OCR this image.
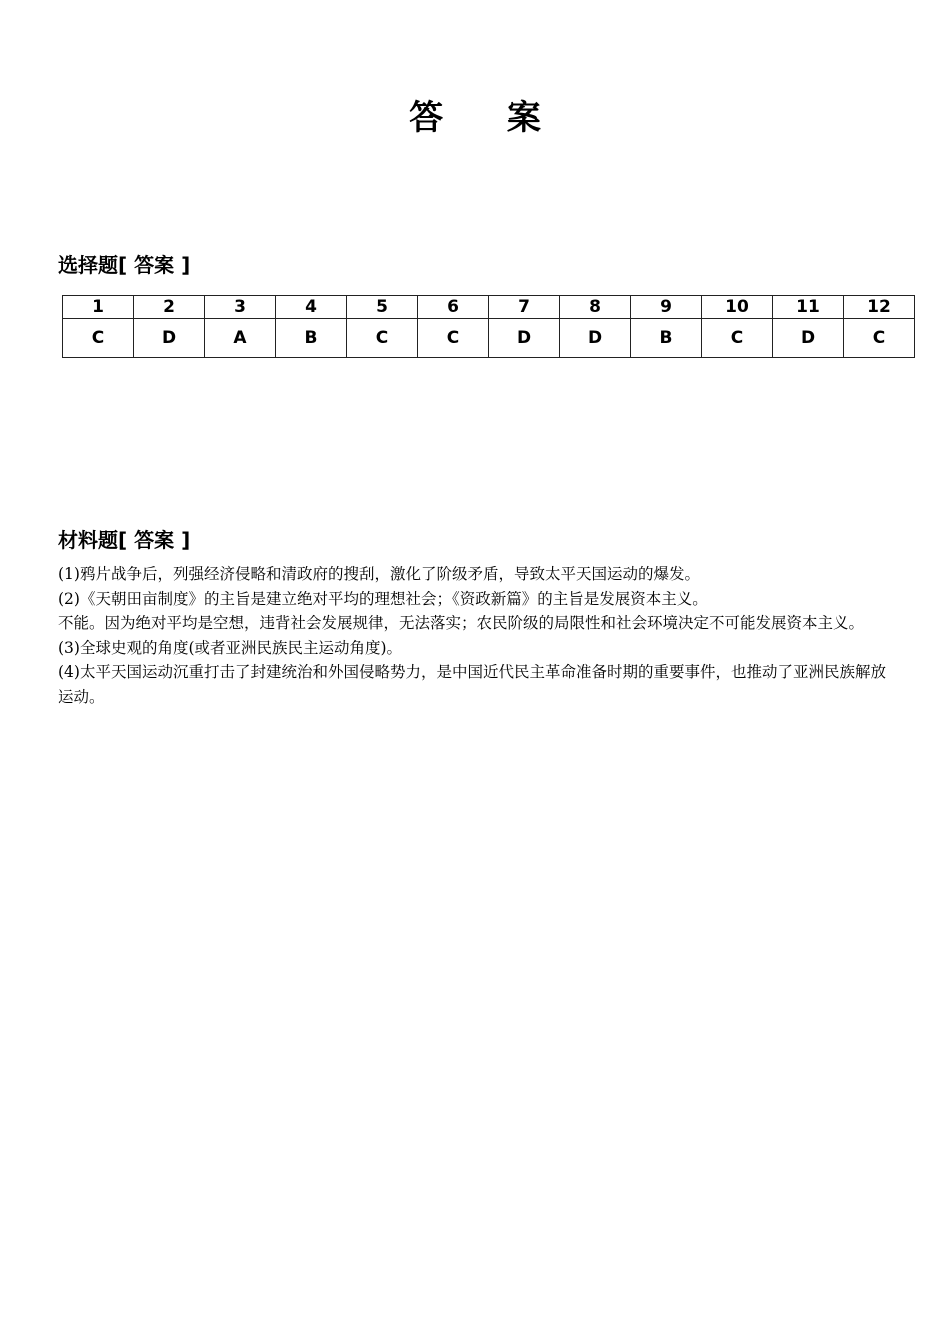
答 案
选择题[ 答案 ]
1	2	3	4	5	6	7	8	9	10	11	12
C	D	A	B	C	C	D	D	B	C	D	C
材料题[ 答案 ]

(1)鸦片战争后，列强经济侵略和清政府的搜刮，激化了阶级矛盾，导致太平天国运动的爆发。

(2)《天朝田亩制度》的主旨是建立绝对平均的理想社会；《资政新篇》的主旨是发展资本主义。

不能。因为绝对平均是空想，违背社会发展规律，无法落实；农民阶级的局限性和社会环境决定不可能发展资本主义。

(3)全球史观的角度(或者亚洲民族民主运动角度)。

(4)太平天国运动沉重打击了封建统治和外国侵略势力，是中国近代民主革命准备时期的重要事件，也推动了亚洲民族解放运动。
